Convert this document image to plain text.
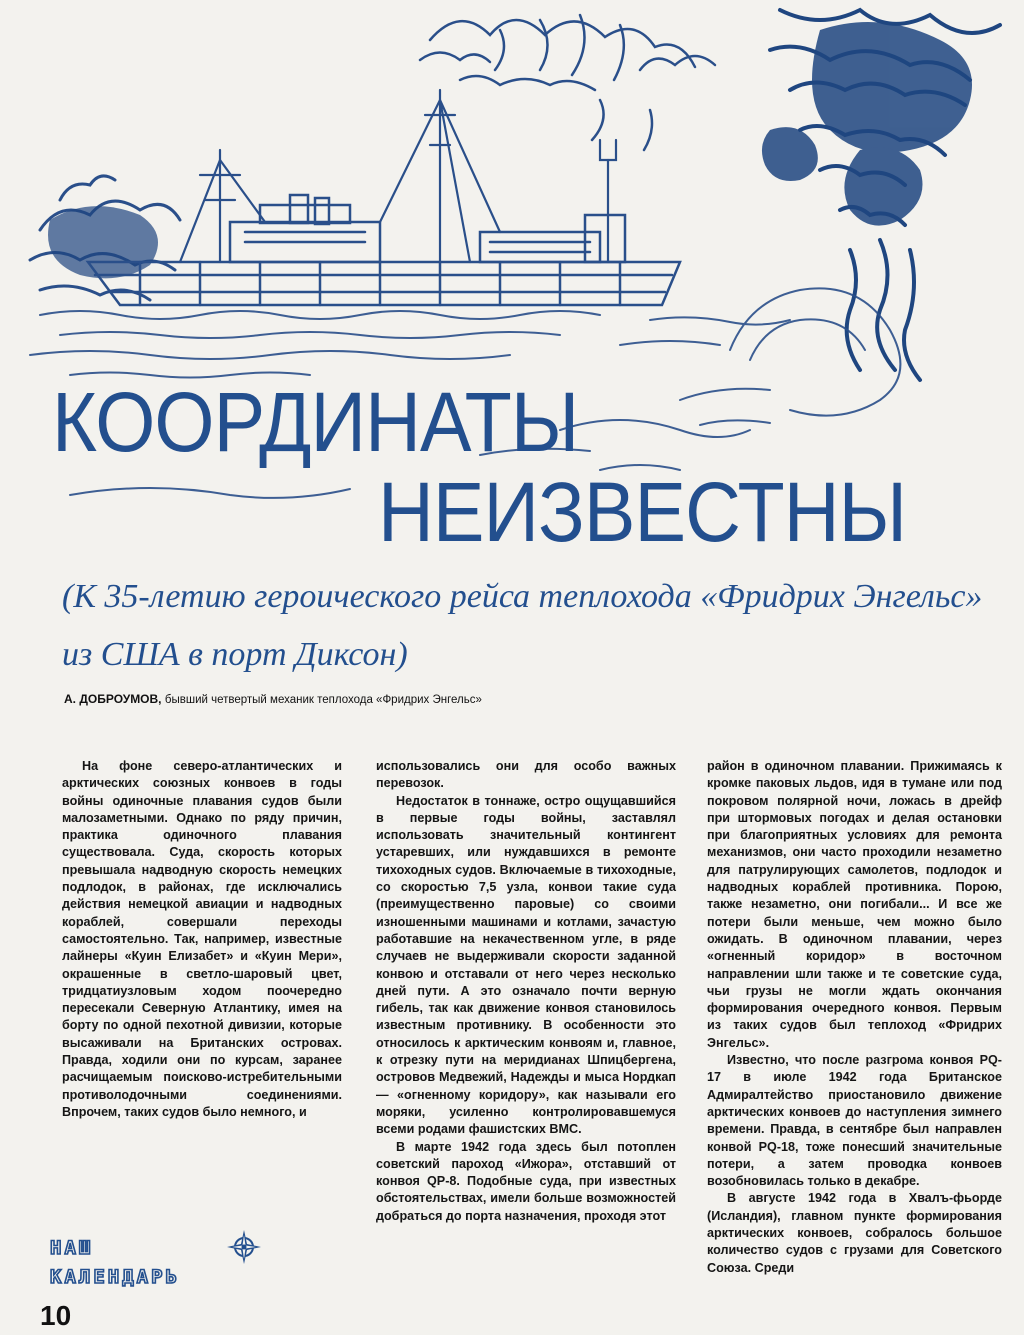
КООРДИНАТЫ
НЕИЗВЕСТНЫ
(К 35-летию героического рейса теплохода «Фридрих Энгельс» из США в порт Диксон)
А. ДОБРОУМОВ, бывший четвертый механик теплохода «Фридрих Энгельс»

На фоне северо-атлантических и арктических союзных конвоев в годы войны одиночные плавания судов были малозаметными. Однако по ряду причин, практика одиночного плавания существовала. Суда, скорость которых превышала надводную скорость немецких подлодок, в районах, где исключались действия немецкой авиации и надводных кораблей, совершали переходы самостоятельно. Так, например, известные лайнеры «Куин Елизабет» и «Куин Мери», окрашенные в светло-шаровый цвет, тридцатиузловым ходом поочередно пересекали Северную Атлантику, имея на борту по одной пехотной дивизии, которые высаживали на Британских островах. Правда, ходили они по курсам, заранее расчищаемым поисково-истребительными противолодочными соединениями. Впрочем, таких судов было немного, и

использовались они для особо важных перевозок.

Недостаток в тоннаже, остро ощущавшийся в первые годы войны, заставлял использовать значительный контингент устаревших, или нуждавшихся в ремонте тихоходных судов. Включаемые в тихоходные, со скоростью 7,5 узла, конвои такие суда (преимущественно паровые) со своими изношенными машинами и котлами, зачастую работавшие на некачественном угле, в ряде случаев не выдерживали скорости заданной конвою и отставали от него через несколько дней пути. А это означало почти верную гибель, так как движение конвоя становилось известным противнику. В особенности это относилось к арктическим конвоям и, главное, к отрезку пути на меридианах Шпицбергена, островов Медвежий, Надежды и мыса Нордкап — «огненному коридору», как называли его моряки, усиленно контролировавшемуся всеми родами фашистских ВМС.

В марте 1942 года здесь был потоплен советский пароход «Ижора», отставший от конвоя QP-8. Подобные суда, при известных обстоятельствах, имели больше возможностей добраться до порта назначения, проходя этот

район в одиночном плавании. Прижимаясь к кромке паковых льдов, идя в тумане или под покровом полярной ночи, ложась в дрейф при штормовых погодах и делая остановки при благоприятных условиях для ремонта механизмов, они часто проходили незаметно для патрулирующих самолетов, подлодок и надводных кораблей противника. Порою, также незаметно, они погибали... И все же потери были меньше, чем можно было ожидать. В одиночном плавании, через «огненный коридор» в восточном направлении шли также и те советские суда, чьи грузы не могли ждать окончания формирования очередного конвоя. Первым из таких судов был теплоход «Фридрих Энгельс».

Известно, что после разгрома конвоя PQ-17 в июле 1942 года Британское Адмиралтейство приостановило движение арктических конвоев до наступления зимнего времени. Правда, в сентябре был направлен конвой PQ-18, тоже понесший значительные потери, а затем проводка конвоев возобновилась только в декабре.

В августе 1942 года в Хвалъ-фьорде (Исландия), главном пункте формирования арктических конвоев, собралось большое количество судов с грузами для Советского Союза. Среди

НАШ
КАЛЕНДАРЬ
10
